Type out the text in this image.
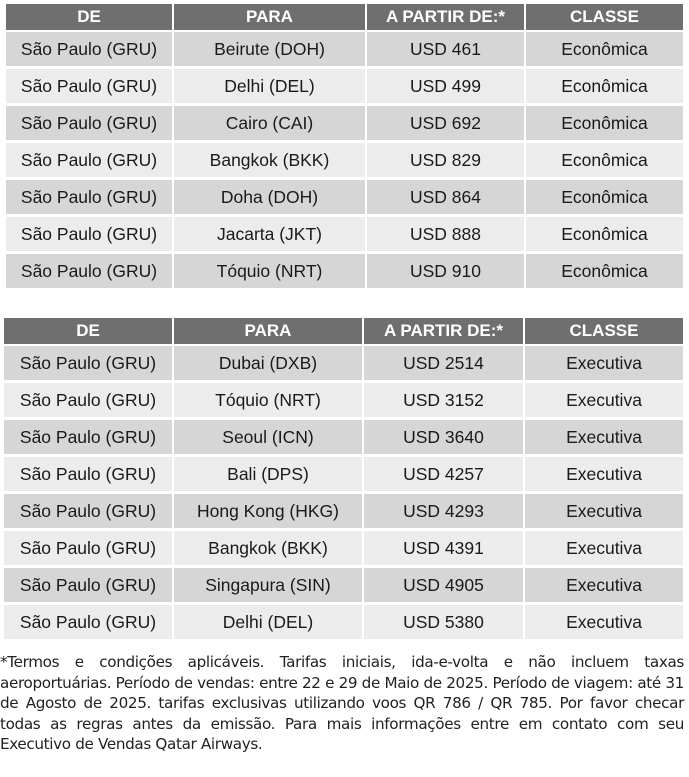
DE	PARA	A PARTIR DE:*	CLASSE
São Paulo (GRU)	Beirute (DOH)	USD 461	Econômica
São Paulo (GRU)	Delhi (DEL)	USD 499	Econômica
São Paulo (GRU)	Cairo (CAI)	USD 692	Econômica
São Paulo (GRU)	Bangkok (BKK)	USD 829	Econômica
São Paulo (GRU)	Doha (DOH)	USD 864	Econômica
São Paulo (GRU)	Jacarta (JKT)	USD 888	Econômica
São Paulo (GRU)	Tóquio (NRT)	USD 910	Econômica
DE	PARA	A PARTIR DE:*	CLASSE
São Paulo (GRU)	Dubai (DXB)	USD 2514	Executiva
São Paulo (GRU)	Tóquio (NRT)	USD 3152	Executiva
São Paulo (GRU)	Seoul (ICN)	USD 3640	Executiva
São Paulo (GRU)	Bali (DPS)	USD 4257	Executiva
São Paulo (GRU)	Hong Kong (HKG)	USD 4293	Executiva
São Paulo (GRU)	Bangkok (BKK)	USD 4391	Executiva
São Paulo (GRU)	Singapura (SIN)	USD 4905	Executiva
São Paulo (GRU)	Delhi (DEL)	USD 5380	Executiva

*Termos e condições aplicáveis. Tarifas iniciais, ida-e-volta e não incluem taxas aeroportuárias. Período de vendas: entre 22 e 29 de Maio de 2025. Período de viagem: até 31 de Agosto de 2025. tarifas exclusivas utilizando voos QR 786 / QR 785. Por favor checar todas as regras antes da emissão. Para mais informações entre em contato com seu Executivo de Vendas Qatar Airways.
